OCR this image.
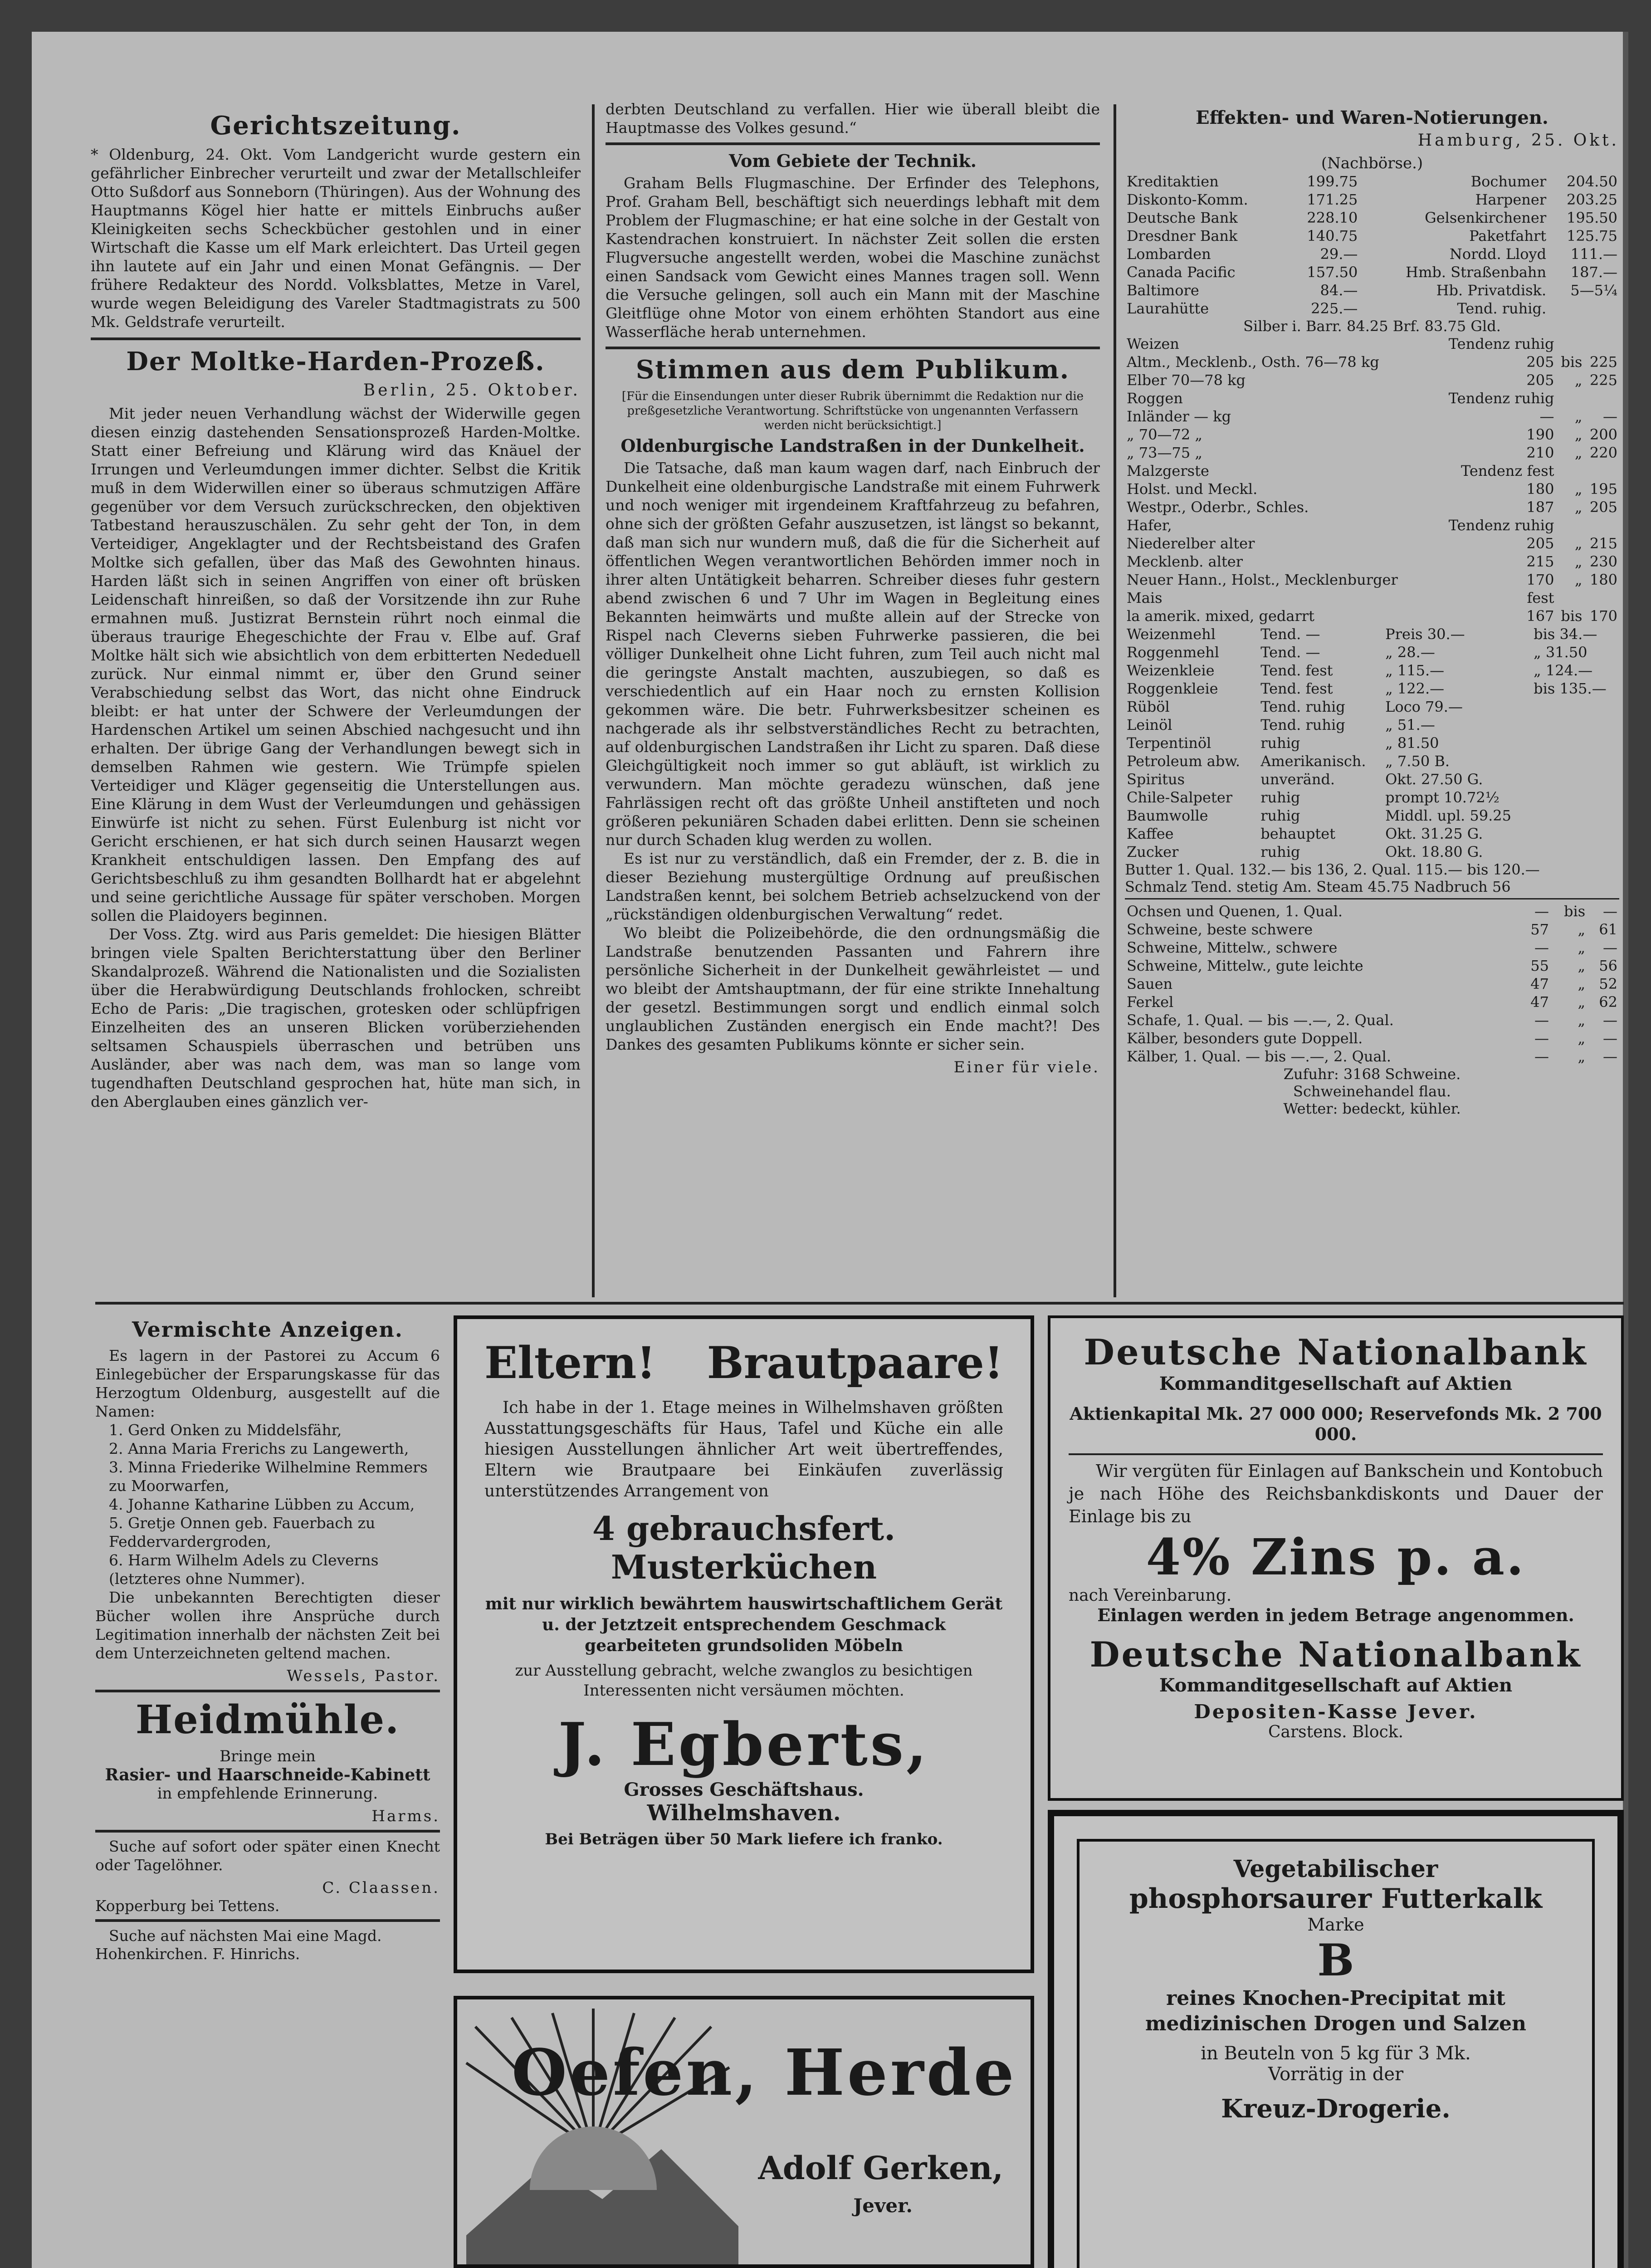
Gerichtszeitung.

* Oldenburg, 24. Okt. Vom Landgericht wurde gestern ein gefährlicher Einbrecher verurteilt und zwar der Metallschleifer Otto Sußdorf aus Sonneborn (Thüringen). Aus der Wohnung des Hauptmanns Kögel hier hatte er mittels Einbruchs außer Kleinigkeiten sechs Scheckbücher gestohlen und in einer Wirtschaft die Kasse um elf Mark erleichtert. Das Urteil gegen ihn lautete auf ein Jahr und einen Monat Gefängnis. — Der frühere Redakteur des Nordd. Volksblattes, Metze in Varel, wurde wegen Beleidigung des Vareler Stadtmagistrats zu 500 Mk. Geldstrafe verurteilt.

Der Moltke-Harden-Prozeß.
Berlin, 25. Oktober.

Mit jeder neuen Verhandlung wächst der Widerwille gegen diesen einzig dastehenden Sensationsprozeß Harden-Moltke. Statt einer Befreiung und Klärung wird das Knäuel der Irrungen und Verleumdungen immer dichter. Selbst die Kritik muß in dem Widerwillen einer so überaus schmutzigen Affäre gegenüber vor dem Versuch zurückschrecken, den objektiven Tatbestand herauszuschälen. Zu sehr geht der Ton, in dem Verteidiger, Angeklagter und der Rechtsbeistand des Grafen Moltke sich gefallen, über das Maß des Gewohnten hinaus. Harden läßt sich in seinen Angriffen von einer oft brüsken Leidenschaft hinreißen, so daß der Vorsitzende ihn zur Ruhe ermahnen muß. Justizrat Bernstein rührt noch einmal die überaus traurige Ehegeschichte der Frau v. Elbe auf. Graf Moltke hält sich wie absichtlich von dem erbitterten Nededuell zurück. Nur einmal nimmt er, über den Grund seiner Verabschiedung selbst das Wort, das nicht ohne Eindruck bleibt: er hat unter der Schwere der Verleumdungen der Hardenschen Artikel um seinen Abschied nachgesucht und ihn erhalten. Der übrige Gang der Verhandlungen bewegt sich in demselben Rahmen wie gestern. Wie Trümpfe spielen Verteidiger und Kläger gegenseitig die Unterstellungen aus. Eine Klärung in dem Wust der Verleumdungen und gehässigen Einwürfe ist nicht zu sehen. Fürst Eulenburg ist nicht vor Gericht erschienen, er hat sich durch seinen Hausarzt wegen Krankheit entschuldigen lassen. Den Empfang des auf Gerichtsbeschluß zu ihm gesandten Bollhardt hat er abgelehnt und seine gerichtliche Aussage für später verschoben. Morgen sollen die Plaidoyers beginnen.

Der Voss. Ztg. wird aus Paris gemeldet: Die hiesigen Blätter bringen viele Spalten Berichterstattung über den Berliner Skandalprozeß. Während die Nationalisten und die Sozialisten über die Herabwürdigung Deutschlands frohlocken, schreibt Echo de Paris: „Die tragischen, grotesken oder schlüpfrigen Einzelheiten des an unseren Blicken vorüberziehenden seltsamen Schauspiels überraschen und betrüben uns Ausländer, aber was nach dem, was man so lange vom tugendhaften Deutschland gesprochen hat, hüte man sich, in den Aberglauben eines gänzlich ver-

derbten Deutschland zu verfallen. Hier wie überall bleibt die Hauptmasse des Volkes gesund.“

Vom Gebiete der Technik.

Graham Bells Flugmaschine. Der Erfinder des Telephons, Prof. Graham Bell, beschäftigt sich neuerdings lebhaft mit dem Problem der Flugmaschine; er hat eine solche in der Gestalt von Kastendrachen konstruiert. In nächster Zeit sollen die ersten Flugversuche angestellt werden, wobei die Maschine zunächst einen Sandsack vom Gewicht eines Mannes tragen soll. Wenn die Versuche gelingen, soll auch ein Mann mit der Maschine Gleitflüge ohne Motor von einem erhöhten Standort aus eine Wasserfläche herab unternehmen.

Stimmen aus dem Publikum.
[Für die Einsendungen unter dieser Rubrik übernimmt die Redaktion nur die preßgesetzliche Verantwortung. Schriftstücke von ungenannten Verfassern werden nicht berücksichtigt.]
Oldenburgische Landstraßen in der Dunkelheit.

Die Tatsache, daß man kaum wagen darf, nach Einbruch der Dunkelheit eine oldenburgische Landstraße mit einem Fuhrwerk und noch weniger mit irgendeinem Kraftfahrzeug zu befahren, ohne sich der größten Gefahr auszusetzen, ist längst so bekannt, daß man sich nur wundern muß, daß die für die Sicherheit auf öffentlichen Wegen verantwortlichen Behörden immer noch in ihrer alten Untätigkeit beharren. Schreiber dieses fuhr gestern abend zwischen 6 und 7 Uhr im Wagen in Begleitung eines Bekannten heimwärts und mußte allein auf der Strecke von Rispel nach Cleverns sieben Fuhrwerke passieren, die bei völliger Dunkelheit ohne Licht fuhren, zum Teil auch nicht mal die geringste Anstalt machten, auszubiegen, so daß es verschiedentlich auf ein Haar noch zu ernsten Kollision gekommen wäre. Die betr. Fuhrwerksbesitzer scheinen es nachgerade als ihr selbstverständliches Recht zu betrachten, auf oldenburgischen Landstraßen ihr Licht zu sparen. Daß diese Gleichgültigkeit noch immer so gut abläuft, ist wirklich zu verwundern. Man möchte geradezu wünschen, daß jene Fahrlässigen recht oft das größte Unheil anstifteten und noch größeren pekuniären Schaden dabei erlitten. Denn sie scheinen nur durch Schaden klug werden zu wollen.

Es ist nur zu verständlich, daß ein Fremder, der z. B. die in dieser Beziehung mustergültige Ordnung auf preußischen Landstraßen kennt, bei solchem Betrieb achselzuckend von der „rückständigen oldenburgischen Verwaltung“ redet.

Wo bleibt die Polizeibehörde, die den ordnungsmäßig die Landstraße benutzenden Passanten und Fahrern ihre persönliche Sicherheit in der Dunkelheit gewährleistet — und wo bleibt der Amtshauptmann, der für eine strikte Innehaltung der gesetzl. Bestimmungen sorgt und endlich einmal solch unglaublichen Zuständen energisch ein Ende macht?! Des Dankes des gesamten Publikums könnte er sicher sein.

Einer für viele.
Effekten- und Waren-Notierungen.
Hamburg, 25. Okt.
(Nachbörse.)
Kreditaktien	199.75	Bochumer	204.50
Diskonto-Komm.	171.25	Harpener	203.25
Deutsche Bank	228.10	Gelsenkirchener	195.50
Dresdner Bank	140.75	Paketfahrt	125.75
Lombarden	29.—	Nordd. Lloyd	111.—
Canada Pacific	157.50	Hmb. Straßenbahn	187.—
Baltimore	84.—	Hb. Privatdisk.	5—5¼
Laurahütte	225.—	Tend. ruhig.	
Silber i. Barr. 84.25 Brf. 83.75 Gld.
Weizen	Tendenz ruhig		
Altm., Mecklenb., Osth. 76—78 kg	205	bis	225
Elber 70—78 kg	205	„	225
Roggen	Tendenz ruhig		
Inländer — kg	—	„	—
„ 70—72 „	190	„	200
„ 73—75 „	210	„	220
Malzgerste	Tendenz fest		
Holst. und Meckl.	180	„	195
Westpr., Oderbr., Schles.	187	„	205
Hafer,	Tendenz ruhig		
Niederelber alter	205	„	215
Mecklenb. alter	215	„	230
Neuer Hann., Holst., Mecklenburger	170	„	180
Mais	fest		
la amerik. mixed, gedarrt	167	bis	170
Weizenmehl	Tend. —	Preis 30.—	bis 34.—
Roggenmehl	Tend. —	„ 28.—	„ 31.50
Weizenkleie	Tend. fest	„ 115.—	„ 124.—
Roggenkleie	Tend. fest	„ 122.—	bis 135.—
Rüböl	Tend. ruhig	Loco 79.—	
Leinöl	Tend. ruhig	„ 51.—	
Terpentinöl	ruhig	„ 81.50	
Petroleum abw.	Amerikanisch.	„ 7.50 B.	
Spiritus	unveränd.	Okt. 27.50 G.	
Chile-Salpeter	ruhig	prompt 10.72½	
Baumwolle	ruhig	Middl. upl. 59.25	
Kaffee	behauptet	Okt. 31.25 G.	
Zucker	ruhig	Okt. 18.80 G.	
Butter 1. Qual. 132.— bis 136, 2. Qual. 115.— bis 120.—
Schmalz Tend. stetig Am. Steam 45.75 Nadbruch 56
Ochsen und Quenen, 1. Qual.	—	bis	—
Schweine, beste schwere	57	„	61
Schweine, Mittelw., schwere	—	„	—
Schweine, Mittelw., gute leichte	55	„	56
Sauen	47	„	52
Ferkel	47	„	62
Schafe, 1. Qual. — bis —.—, 2. Qual.	—	„	—
Kälber, besonders gute Doppell.	—	„	—
Kälber, 1. Qual. — bis —.—, 2. Qual.	—	„	—
Zufuhr: 3168 Schweine.
Schweinehandel flau.
Wetter: bedeckt, kühler.
Vermischte Anzeigen.

Es lagern in der Pastorei zu Accum 6 Einlegebücher der Ersparungskasse für das Herzogtum Oldenburg, ausgestellt auf die Namen:

1. Gerd Onken zu Middelsfähr,
2. Anna Maria Frerichs zu Langewerth,
3. Minna Friederike Wilhelmine Remmers zu Moorwarfen,
4. Johanne Katharine Lübben zu Accum,
5. Gretje Onnen geb. Fauerbach zu Feddervardergroden,
6. Harm Wilhelm Adels zu Cleverns (letzteres ohne Nummer).

Die unbekannten Berechtigten dieser Bücher wollen ihre Ansprüche durch Legitimation innerhalb der nächsten Zeit bei dem Unterzeichneten geltend machen.

Wessels, Pastor.
Heidmühle.
Bringe mein
Rasier- und Haarschneide-Kabinett
in empfehlende Erinnerung.
Harms.

Suche auf sofort oder später einen Knecht oder Tagelöhner.

C. Claassen.
Kopperburg bei Tettens.

Suche auf nächsten Mai eine Magd.

Hohenkirchen. F. Hinrichs.
Eltern! Brautpaare!

Ich habe in der 1. Etage meines in Wilhelmshaven größten Ausstattungsgeschäfts für Haus, Tafel und Küche ein alle hiesigen Ausstellungen ähnlicher Art weit übertreffendes, Eltern wie Brautpaare bei Einkäufen zuverlässig unterstützendes Arrangement von

4 gebrauchsfert. Musterküchen
mit nur wirklich bewährtem hauswirtschaftlichem Gerät u. der Jetztzeit entsprechendem Geschmack gearbeiteten grundsoliden Möbeln
zur Ausstellung gebracht, welche zwanglos zu besichtigen Interessenten nicht versäumen möchten.
J. Egberts,
Grosses Geschäftshaus.
Wilhelmshaven.
Bei Beträgen über 50 Mark liefere ich franko.
Oefen, Herde
Adolf Gerken,
Jever.
Deutsche Nationalbank
Kommanditgesellschaft auf Aktien
Aktienkapital Mk. 27 000 000; Reservefonds Mk. 2 700 000.

Wir vergüten für Einlagen auf Bankschein und Kontobuch je nach Höhe des Reichsbankdiskonts und Dauer der Einlage bis zu

4% Zins p. a.
nach Vereinbarung.
Einlagen werden in jedem Betrage angenommen.
Deutsche Nationalbank
Kommanditgesellschaft auf Aktien
Depositen-Kasse Jever.
Carstens. Block.
Vegetabilischer
phosphorsaurer Futterkalk
Marke
B
reines Knochen-Precipitat mit medizinischen Drogen und Salzen
in Beuteln von 5 kg für 3 Mk.
Vorrätig in der
Kreuz-Drogerie.
